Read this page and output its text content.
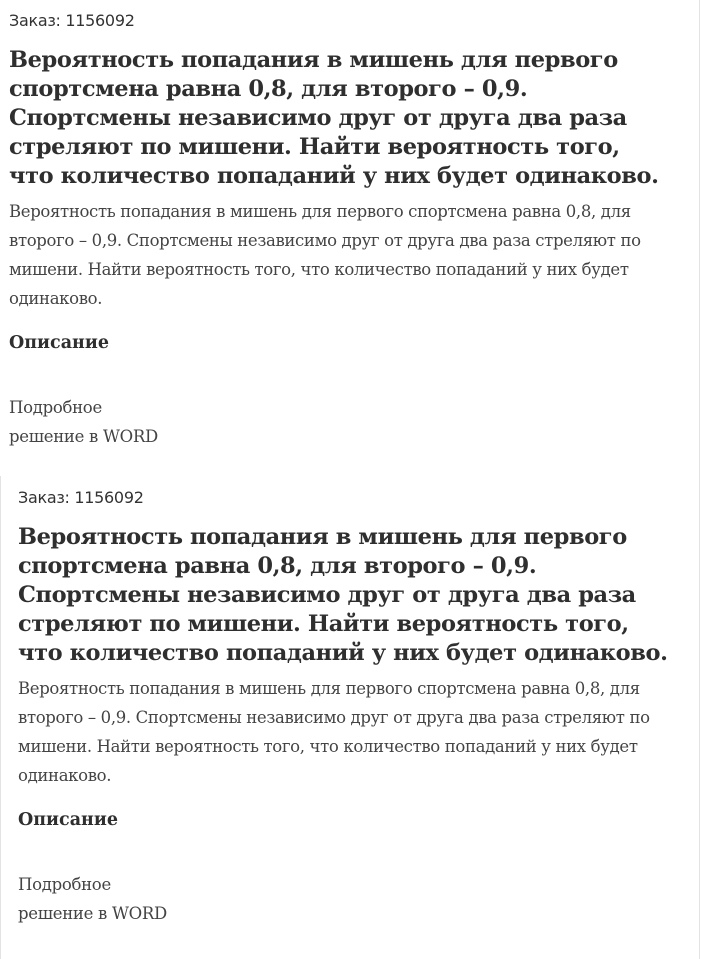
Заказ: 1156092
Вероятность попадания в мишень для первого спортсмена равна 0,8, для второго – 0,9. Спортсмены независимо друг от друга два раза стреляют по мишени. Найти вероятность того, что количество попаданий у них будет одинаково.

Вероятность попадания в мишень для первого спортсмена равна 0,8, для второго – 0,9. Спортсмены независимо друг от друга два раза стреляют по мишени. Найти вероятность того, что количество попаданий у них будет одинаково.

Описание
Подробное
решение в WORD
Заказ: 1156092
Вероятность попадания в мишень для первого спортсмена равна 0,8, для второго – 0,9. Спортсмены независимо друг от друга два раза стреляют по мишени. Найти вероятность того, что количество попаданий у них будет одинаково.

Вероятность попадания в мишень для первого спортсмена равна 0,8, для второго – 0,9. Спортсмены независимо друг от друга два раза стреляют по мишени. Найти вероятность того, что количество попаданий у них будет одинаково.

Описание
Подробное
решение в WORD
